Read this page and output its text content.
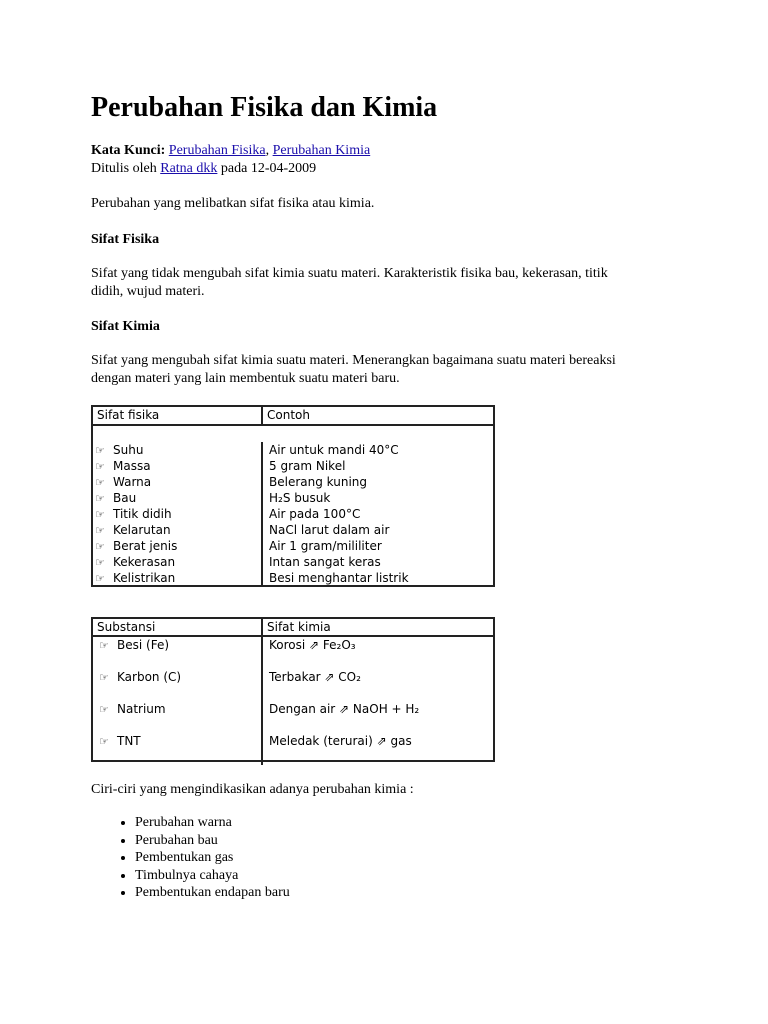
Perubahan Fisika dan Kimia

Kata Kunci: Perubahan Fisika, Perubahan Kimia

Ditulis oleh Ratna dkk pada 12-04-2009

Perubahan yang melibatkan sifat fisika atau kimia.

Sifat Fisika

Sifat yang tidak mengubah sifat kimia suatu materi. Karakteristik fisika bau, kekerasan, titik

didih, wujud materi.

Sifat Kimia

Sifat yang mengubah sifat kimia suatu materi. Menerangkan bagaimana suatu materi bereaksi

dengan materi yang lain membentuk suatu materi baru.

Sifat fisika	Contoh
☞ Suhu
☞ Massa
☞ Warna
☞ Bau
☞ Titik didih
☞ Kelarutan
☞ Berat jenis
☞ Kekerasan
☞ Kelistrikan
Air untuk mandi 40°C
5 gram Nikel
Belerang kuning
H₂S busuk
Air pada 100°C
NaCl larut dalam air
Air 1 gram/mililiter
Intan sangat keras
Besi menghantar listrik
Substansi	Sifat kimia
☞ Besi (Fe)
☞ Karbon (C)
☞ Natrium
☞ TNT
Korosi ⇗ Fe₂O₃
Terbakar ⇗ CO₂
Dengan air ⇗ NaOH + H₂
Meledak (terurai) ⇗ gas

Ciri-ciri yang mengindikasikan adanya perubahan kimia :

• Perubahan warna
• Perubahan bau
• Pembentukan gas
• Timbulnya cahaya
• Pembentukan endapan baru
